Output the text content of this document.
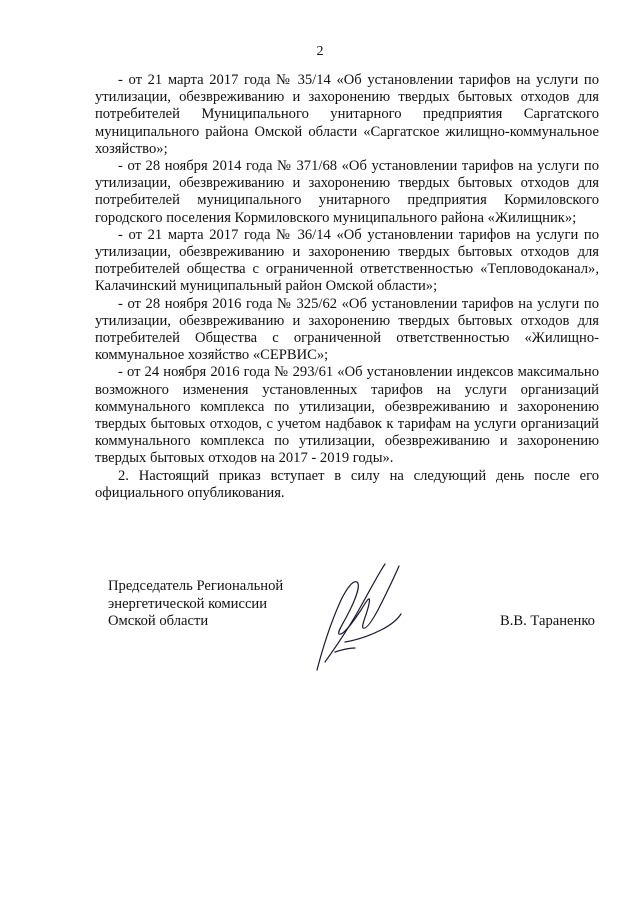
2

- от 21 марта 2017 года № 35/14 «Об установлении тарифов на услуги по утилизации, обезвреживанию и захоронению твердых бытовых отходов для потребителей Муниципального унитарного предприятия Саргатского муниципального района Омской области «Саргатское жилищно-коммунальное хозяйство»;

- от 28 ноября 2014 года № 371/68 «Об установлении тарифов на услуги по утилизации, обезвреживанию и захоронению твердых бытовых отходов для потребителей муниципального унитарного предприятия Кормиловского городского поселения Кормиловского муниципального района «Жилищник»;

- от 21 марта 2017 года № 36/14 «Об установлении тарифов на услуги по утилизации, обезвреживанию и захоронению твердых бытовых отходов для потребителей общества с ограниченной ответственностью «Тепловодоканал», Калачинский муниципальный район Омской области»;

- от 28 ноября 2016 года № 325/62 «Об установлении тарифов на услуги по утилизации, обезвреживанию и захоронению твердых бытовых отходов для потребителей Общества с ограниченной ответственностью «Жилищно-коммунальное хозяйство «СЕРВИС»;

- от 24 ноября 2016 года № 293/61 «Об установлении индексов максимально возможного изменения установленных тарифов на услуги организаций коммунального комплекса по утилизации, обезвреживанию и захоронению твердых бытовых отходов, с учетом надбавок к тарифам на услуги организаций коммунального комплекса по утилизации, обезвреживанию и захоронению твердых бытовых отходов на 2017 - 2019 годы».

2. Настоящий приказ вступает в силу на следующий день после его официального опубликования.

Председатель Региональной
энергетической комиссии
Омской области	В.В. Тараненко
